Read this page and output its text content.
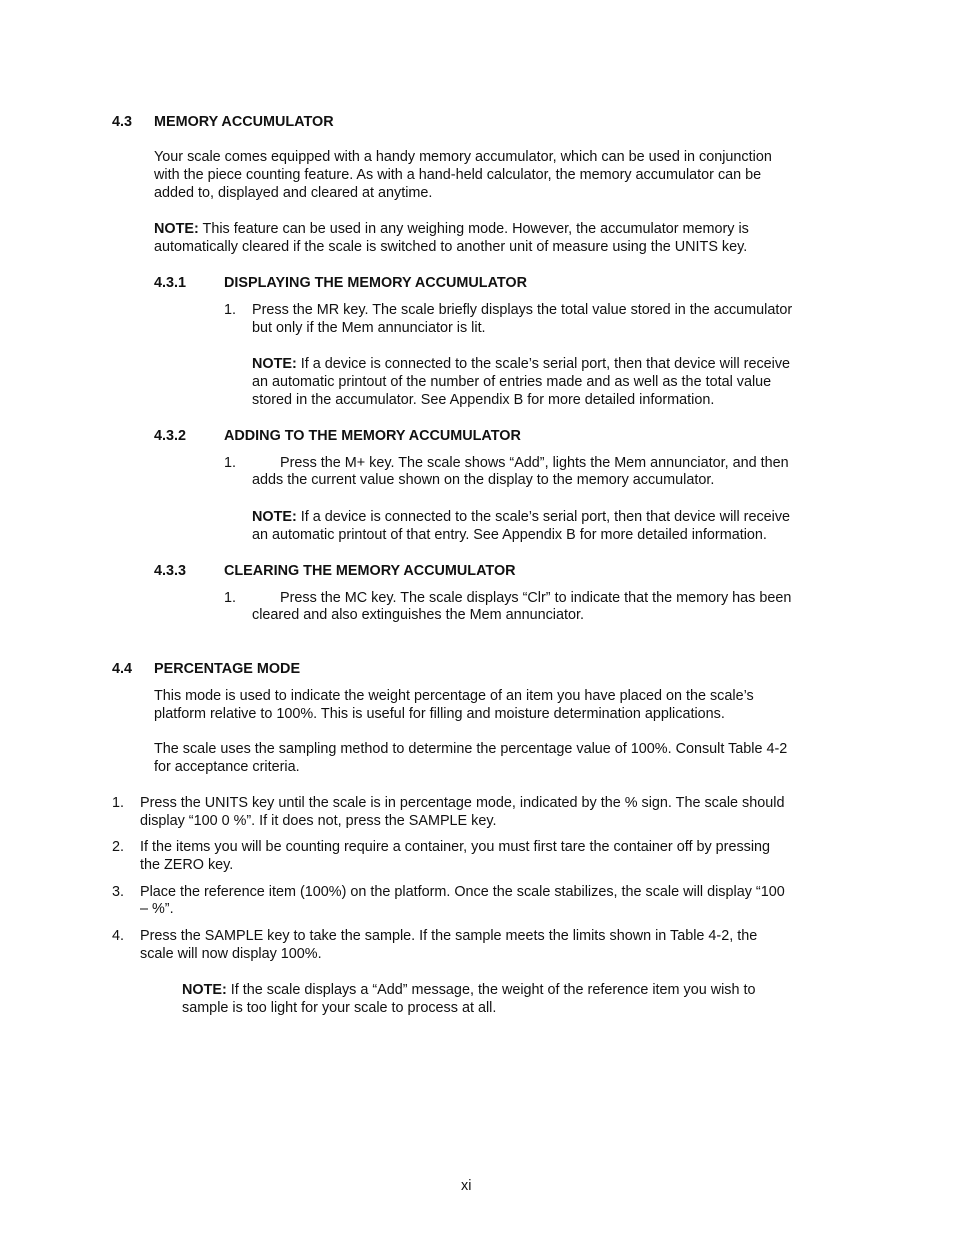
4.3 MEMORY ACCUMULATOR
Your scale comes equipped with a handy memory accumulator, which can be used in conjunction
with the piece counting feature. As with a hand-held calculator, the memory accumulator can be
added to, displayed and cleared at anytime.
NOTE: This feature can be used in any weighing mode. However, the accumulator memory is
automatically cleared if the scale is switched to another unit of measure using the UNITS key.
4.3.1	DISPLAYING THE MEMORY ACCUMULATOR
1. Press the MR key. The scale briefly displays the total value stored in the accumulator
but only if the Mem annunciator is lit.
NOTE: If a device is connected to the scale’s serial port, then that device will receive
an automatic printout of the number of entries made and as well as the total value
stored in the accumulator. See Appendix B for more detailed information.
4.3.2	ADDING TO THE MEMORY ACCUMULATOR
1.	Press the M+ key. The scale shows “Add”, lights the Mem annunciator, and then
adds the current value shown on the display to the memory accumulator.
NOTE: If a device is connected to the scale’s serial port, then that device will receive
an automatic printout of that entry. See Appendix B for more detailed information.
4.3.3	CLEARING THE MEMORY ACCUMULATOR
1.	Press the MC key. The scale displays “Clr” to indicate that the memory has been
cleared and also extinguishes the Mem annunciator.
4.4 PERCENTAGE MODE
This mode is used to indicate the weight percentage of an item you have placed on the scale’s
platform relative to 100%. This is useful for filling and moisture determination applications.
The scale uses the sampling method to determine the percentage value of 100%. Consult Table 4-2
for acceptance criteria.
1. Press the UNITS key until the scale is in percentage mode, indicated by the % sign. The scale should
display “100 0 %”. If it does not, press the SAMPLE key.
2. If the items you will be counting require a container, you must first tare the container off by pressing
the ZERO key.
3. Place the reference item (100%) on the platform. Once the scale stabilizes, the scale will display “100
– %”.
4. Press the SAMPLE key to take the sample. If the sample meets the limits shown in Table 4-2, the
scale will now display 100%.
NOTE: If the scale displays a “Add” message, the weight of the reference item you wish to
sample is too light for your scale to process at all.
xi
